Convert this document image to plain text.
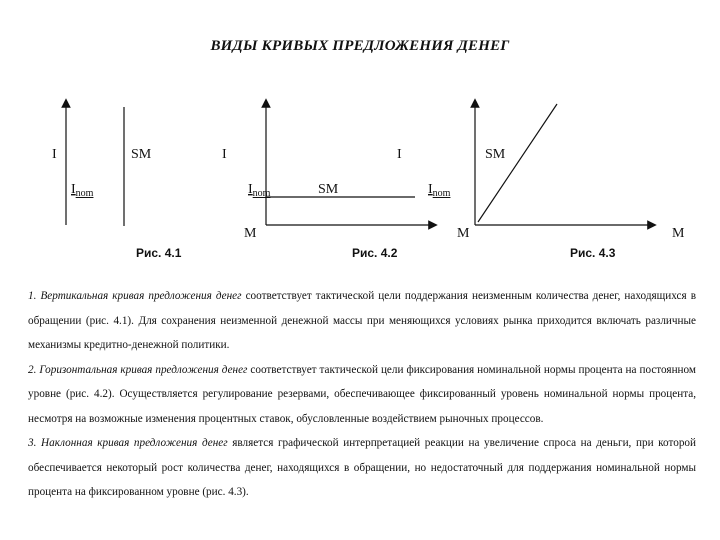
ВИДЫ КРИВЫХ ПРЕДЛОЖЕНИЯ ДЕНЕГ
I	SM
$I_{nom}$
Рис. 4.1
I
M
SM
$I_{nom}$
Рис. 4.2
I	SM
$I_{nom}$
M	M
Рис. 4.3

1. Вертикальная кривая предложения денег соответствует тактической цели поддержания неизменным количества денег, находящихся в обращении (рис. 4.1). Для сохранения неизменной денежной массы при меняющихся условиях рынка приходится включать различные механизмы кредитно-денежной политики.

2. Горизонтальная кривая предложения денег соответствует тактической цели фиксирования номинальной нормы процента на постоянном уровне (рис. 4.2). Осуществляется регулирование резервами, обеспечивающее фиксированный уровень номинальной нормы процента, несмотря на возможные изменения процентных ставок, обусловленные воздействием рыночных процессов.

3. Наклонная кривая предложения денег является графической интерпретацией реакции на увеличение спроса на деньги, при которой обеспечивается некоторый рост количества денег, находящихся в обращении, но недостаточный для поддержания номинальной нормы процента на фиксированном уровне (рис. 4.3).
